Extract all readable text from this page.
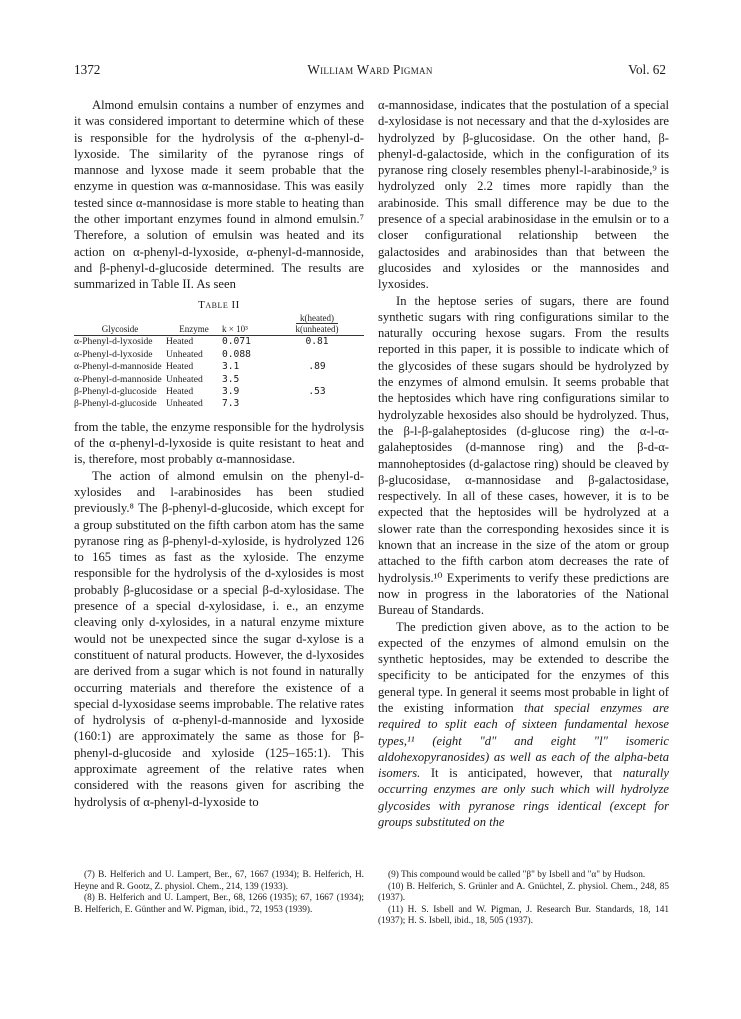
1372	William Ward Pigman	Vol. 62

Almond emulsin contains a number of enzymes and it was considered important to determine which of these is responsible for the hydrolysis of the α-phenyl-d-lyxoside. The similarity of the pyranose rings of mannose and lyxose made it seem probable that the enzyme in question was α-mannosidase. This was easily tested since α-mannosidase is more stable to heating than the other important enzymes found in almond emulsin.⁷ Therefore, a solution of emulsin was heated and its action on α-phenyl-d-lyxoside, α-phenyl-d-mannoside, and β-phenyl-d-glucoside determined. The results are summarized in Table II. As seen

Table II
Glycoside	Enzyme	k × 10³	$\frac{\text{k(heated)}}{\text{k(unheated)}}$
α-Phenyl-d-lyxoside	Heated	0.071	0.81
α-Phenyl-d-lyxoside	Unheated	0.088	
α-Phenyl-d-mannoside	Heated	3.1	.89
α-Phenyl-d-mannoside	Unheated	3.5	
β-Phenyl-d-glucoside	Heated	3.9	.53
β-Phenyl-d-glucoside	Unheated	7.3	

from the table, the enzyme responsible for the hydrolysis of the α-phenyl-d-lyxoside is quite resistant to heat and is, therefore, most probably α-mannosidase.

The action of almond emulsin on the phenyl-d-xylosides and l-arabinosides has been studied previously.⁸ The β-phenyl-d-glucoside, which except for a group substituted on the fifth carbon atom has the same pyranose ring as β-phenyl-d-xyloside, is hydrolyzed 126 to 165 times as fast as the xyloside. The enzyme responsible for the hydrolysis of the d-xylosides is most probably β-glucosidase or a special β-d-xylosidase. The presence of a special d-xylosidase, i. e., an enzyme cleaving only d-xylosides, in a natural enzyme mixture would not be unexpected since the sugar d-xylose is a constituent of natural products. However, the d-lyxosides are derived from a sugar which is not found in naturally occurring materials and therefore the existence of a special d-lyxosidase seems improbable. The relative rates of hydrolysis of α-phenyl-d-mannoside and lyxoside (160:1) are approximately the same as those for β-phenyl-d-glucoside and xyloside (125–165:1). This approximate agreement of the relative rates when considered with the reasons given for ascribing the hydrolysis of α-phenyl-d-lyxoside to

α-mannosidase, indicates that the postulation of a special d-xylosidase is not necessary and that the d-xylosides are hydrolyzed by β-glucosidase. On the other hand, β-phenyl-d-galactoside, which in the configuration of its pyranose ring closely resembles phenyl-l-arabinoside,⁹ is hydrolyzed only 2.2 times more rapidly than the arabinoside. This small difference may be due to the presence of a special arabinosidase in the emulsin or to a closer configurational relationship between the galactosides and arabinosides than that between the glucosides and xylosides or the mannosides and lyxosides.

In the heptose series of sugars, there are found synthetic sugars with ring configurations similar to the naturally occuring hexose sugars. From the results reported in this paper, it is possible to indicate which of the glycosides of these sugars should be hydrolyzed by the enzymes of almond emulsin. It seems probable that the heptosides which have ring configurations similar to hydrolyzable hexosides also should be hydrolyzed. Thus, the β-l-β-galaheptosides (d-glucose ring) the α-l-α-galaheptosides (d-mannose ring) and the β-d-α-mannoheptosides (d-galactose ring) should be cleaved by β-glucosidase, α-mannosidase and β-galactosidase, respectively. In all of these cases, however, it is to be expected that the heptosides will be hydrolyzed at a slower rate than the corresponding hexosides since it is known that an increase in the size of the atom or group attached to the fifth carbon atom decreases the rate of hydrolysis.¹⁰ Experiments to verify these predictions are now in progress in the laboratories of the National Bureau of Standards.

The prediction given above, as to the action to be expected of the enzymes of almond emulsin on the synthetic heptosides, may be extended to describe the specificity to be anticipated for the enzymes of this general type. In general it seems most probable in light of the existing information that special enzymes are required to split each of sixteen fundamental hexose types,¹¹ (eight "d" and eight "l" isomeric aldohexopyranosides) as well as each of the alpha-beta isomers. It is anticipated, however, that naturally occurring enzymes are only such which will hydrolyze glycosides with pyranose rings identical (except for groups substituted on the

(7) B. Helferich and U. Lampert, Ber., 67, 1667 (1934); B. Helferich, H. Heyne and R. Gootz, Z. physiol. Chem., 214, 139 (1933).

(8) B. Helferich and U. Lampert, Ber., 68, 1266 (1935); 67, 1667 (1934); B. Helferich, E. Günther and W. Pigman, ibid., 72, 1953 (1939).

(9) This compound would be called "β" by Isbell and "α" by Hudson.

(10) B. Helferich, S. Grünler and A. Gnüchtel, Z. physiol. Chem., 248, 85 (1937).

(11) H. S. Isbell and W. Pigman, J. Research Bur. Standards, 18, 141 (1937); H. S. Isbell, ibid., 18, 505 (1937).
